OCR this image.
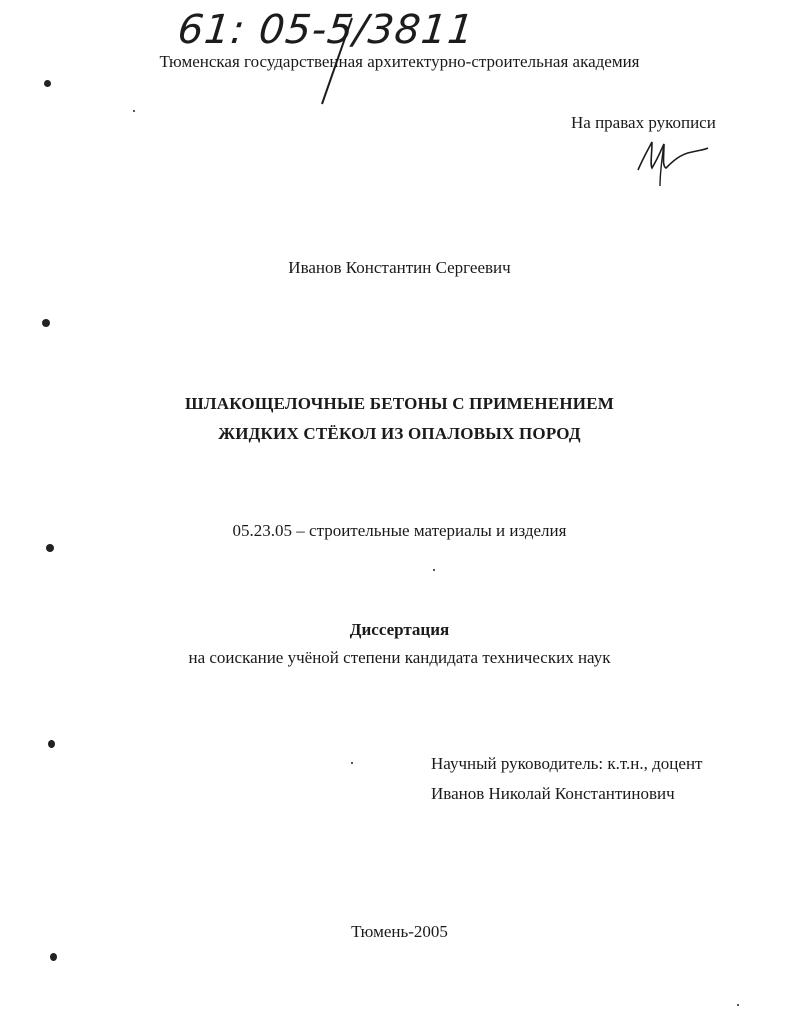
61: 05-5/3811
Тюменская государственная архитектурно-строительная академия
На правах рукописи
Иванов Константин Сергеевич
ШЛАКОЩЕЛОЧНЫЕ БЕТОНЫ С ПРИМЕНЕНИЕМ
ЖИДКИХ СТЁКОЛ ИЗ ОПАЛОВЫХ ПОРОД
05.23.05 – строительные материалы и изделия
Диссертация
на соискание учёной степени кандидата технических наук
Научный руководитель: к.т.н., доцент
Иванов Николай Константинович
Тюмень-2005
